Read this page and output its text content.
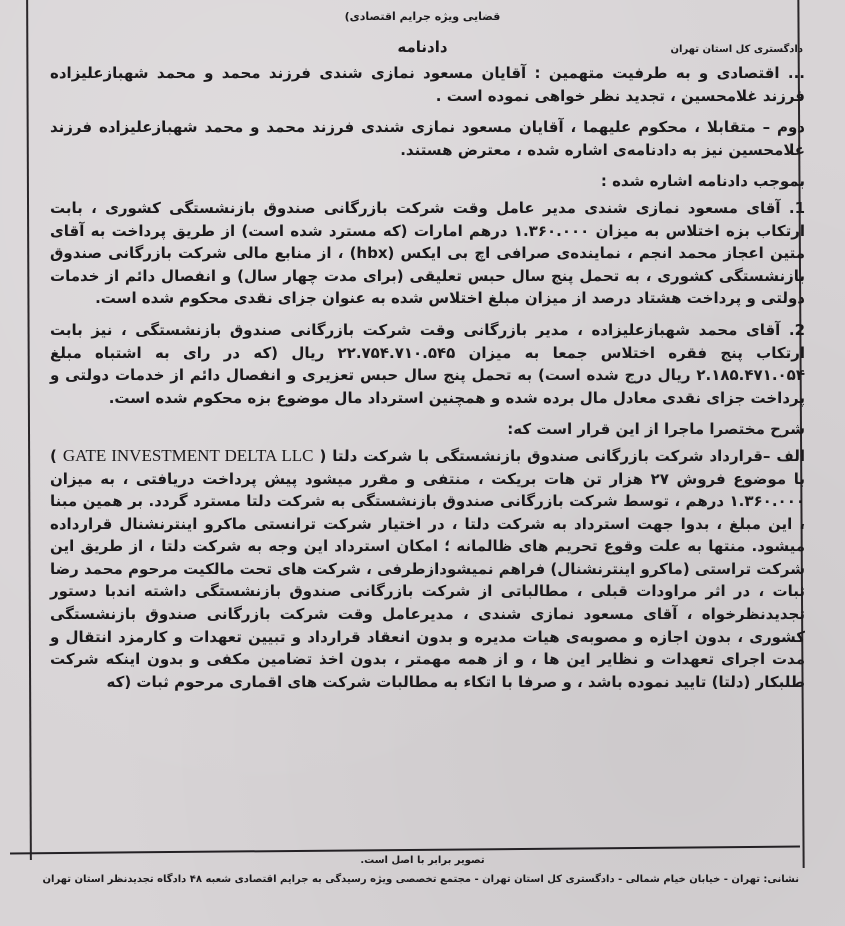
قضایی ویژه جرایم اقتصادی)
دادنامه	دادگستری کل استان تهران

... اقتصادی و به طرفیت متهمین : آقایان مسعود نمازی شندی فرزند محمد و محمد شهبازعلیزاده فرزند غلامحسین ، تجدید نظر خواهی نموده است .

دوم – متقابلا ، محکوم علیهما ، آقایان مسعود نمازی شندی فرزند محمد و محمد شهبازعلیزاده فرزند غلامحسین نیز به دادنامه‌ی اشاره شده ، معترض هستند.

بموجب دادنامه اشاره شده :

1. آقای مسعود نمازی شندی مدیر عامل وقت شرکت بازرگانی صندوق بازنشستگی کشوری ، بابت ارتکاب بزه اختلاس به میزان ۱.۳۶۰.۰۰۰ درهم امارات (که مسترد شده است) از طریق پرداخت به آقای متین اعجاز محمد انجم ، نماینده‌ی صرافی اچ بی ایکس (hbx) ، از منابع مالی شرکت بازرگانی صندوق بازنشستگی کشوری ، به تحمل پنج سال حبس تعلیقی (برای مدت چهار سال) و انفصال دائم از خدمات دولتی و پرداخت هشتاد درصد از میزان مبلغ اختلاس شده به عنوان جزای نقدی محکوم شده است.

2. آقای محمد شهبازعلیزاده ، مدیر بازرگانی وقت شرکت بازرگانی صندوق بازنشستگی ، نیز بابت ارتکاب پنج فقره اختلاس جمعا به میزان ۲۲.۷۵۴.۷۱۰.۵۴۵ ریال (که در رای به اشتباه مبلغ ۲.۱۸۵.۴۷۱.۰۵۴ ریال درج شده است) به تحمل پنج سال حبس تعزیری و انفصال دائم از خدمات دولتی و پرداخت جزای نقدی معادل مال برده شده و همچنین استرداد مال موضوع بزه محکوم شده است.

شرح مختصرا ماجرا از این قرار است که:

الف –قرارداد شرکت بازرگانی صندوق بازنشستگی با شرکت دلتا ( GATE INVESTMENT DELTA LLC ) با موضوع فروش ۲۷ هزار تن هات بریکت ، منتفی و مقرر میشود پیش پرداخت دریافتی ، به میزان ۱.۳۶۰.۰۰۰ درهم ، توسط شرکت بازرگانی صندوق بازنشستگی به شرکت دلتا مسترد گردد. بر همین مبنا ، این مبلغ ، بدوا جهت استرداد به شرکت دلتا ، در اختیار شرکت ترانستی ماکرو اینترنشنال قرارداده میشود. منتها به علت وقوع تحریم های ظالمانه ؛ امکان استرداد این وجه به شرکت دلتا ، از طریق این شرکت تراستی (ماکرو اینترنشنال) فراهم نمیشودازطرفی ، شرکت های تحت مالکیت مرحوم محمد رضا ثبات ، در اثر مراودات قبلی ، مطالباتی از شرکت بازرگانی صندوق بازنشستگی داشته اندبا دستور تجدیدنظرخواه ، آقای مسعود نمازی شندی ، مدیرعامل وقت شرکت بازرگانی صندوق بازنشستگی کشوری ، بدون اجازه و مصوبه‌ی هیات مدیره و بدون انعقاد قرارداد و تبیین تعهدات و کارمزد انتقال و مدت اجرای تعهدات و نظایر این ها ، و از همه مهمتر ، بدون اخذ تضامین مکفی و بدون اینکه شرکت طلبکار (دلتا) تایید نموده باشد ، و صرفا با اتکاء به مطالبات شرکت های اقماری مرحوم ثبات (که

تصویر برابر با اصل است.
نشانی: تهران - خیابان خیام شمالی - دادگستری کل استان تهران - مجتمع تخصصی ویژه رسیدگی به جرایم اقتصادی شعبه ۴۸ دادگاه تجدیدنظر استان تهران
